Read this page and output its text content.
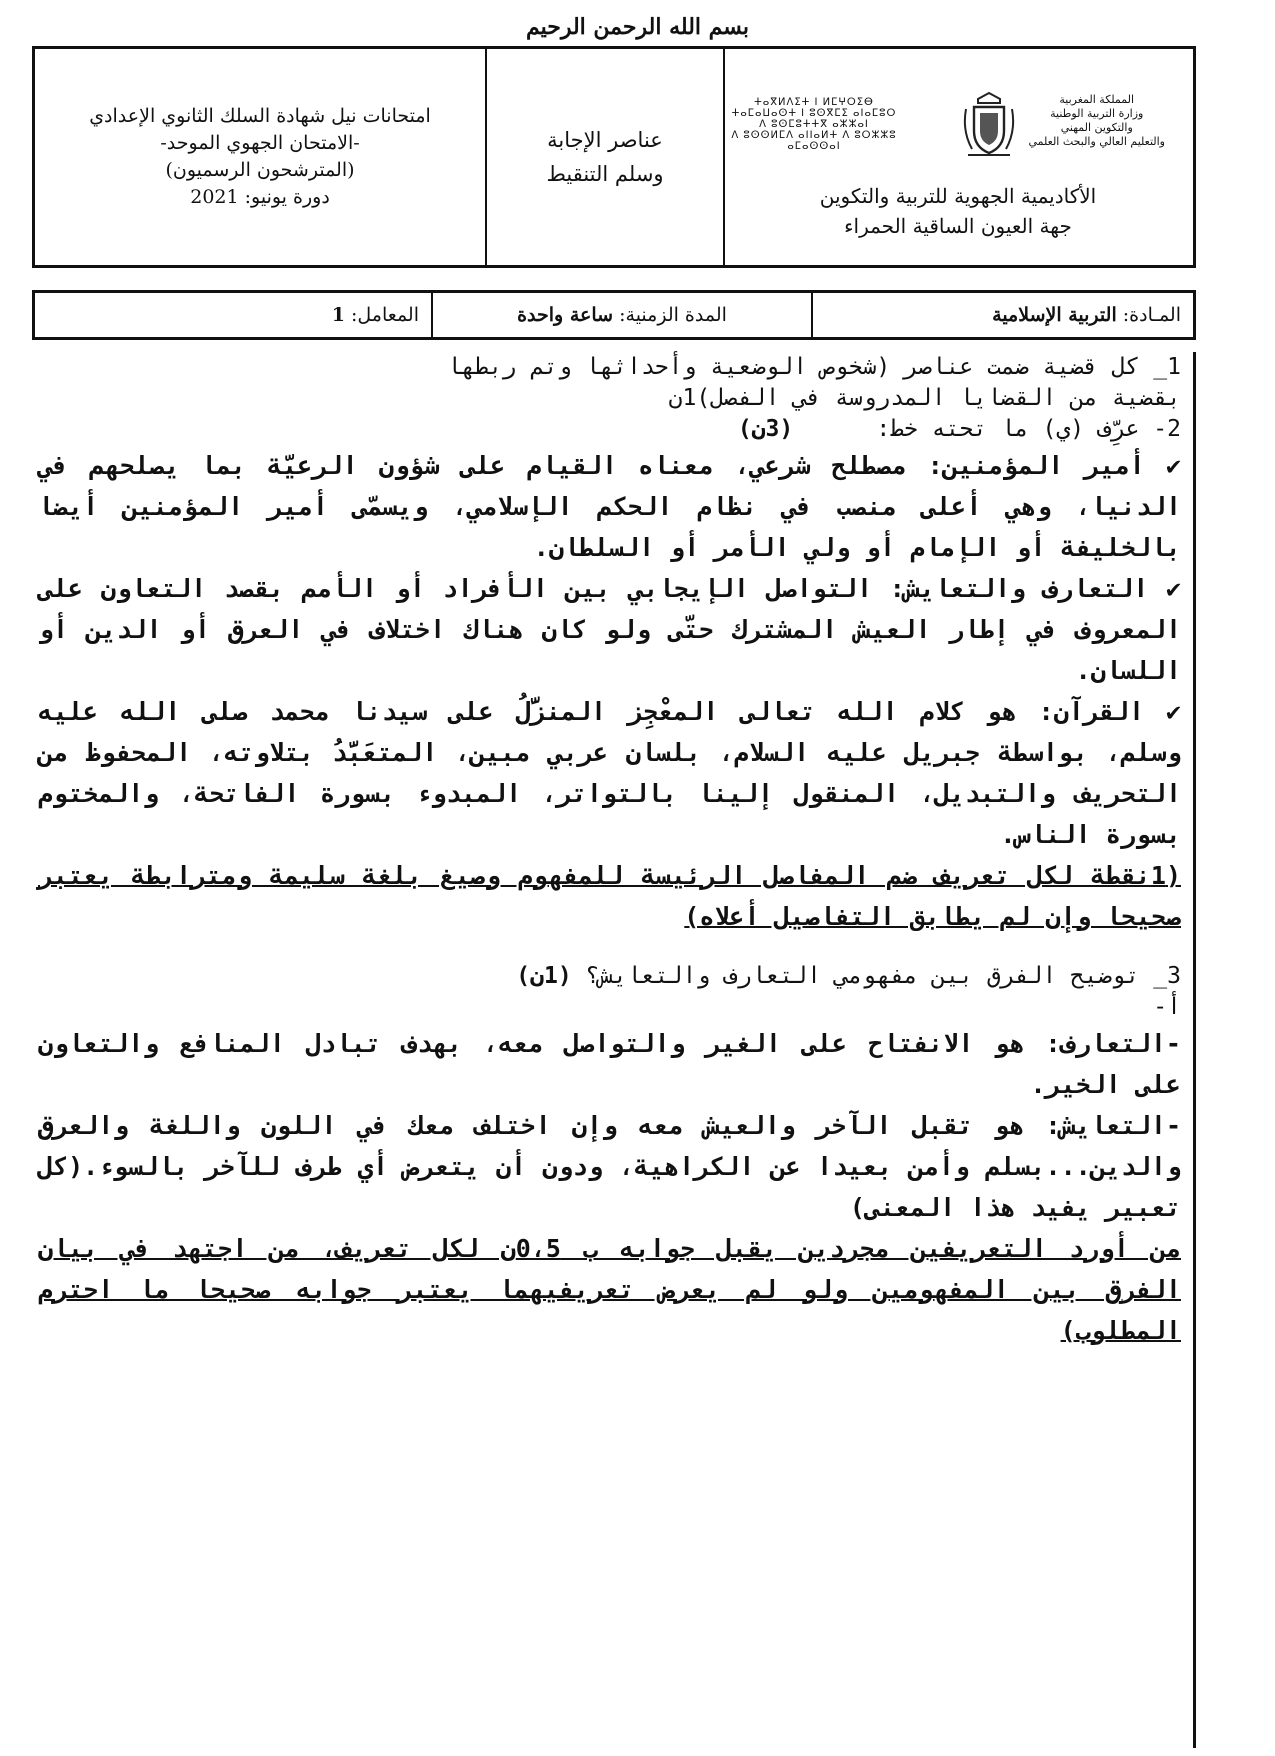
بسم الله الرحمن الرحيم
المملكة المغربية
وزارة التربية الوطنية
والتكوين المهني
والتعليم العالي والبحث العلمي
ⵜⴰⴳⵍⴷⵉⵜ ⵏ ⵍⵎⵖⵔⵉⴱ
ⵜⴰⵎⴰⵡⴰⵙⵜ ⵏ ⵓⵙⴳⵎⵉ ⴰⵏⴰⵎⵓⵔ
ⴷ ⵓⵙⵎⵓⵜⵜⴳ ⴰⵣⵣⴰⵏ
ⴷ ⵓⵙⵙⵍⵎⴷ ⴰⵏⵏⴰⵍⵜ ⴷ ⵓⵔⵣⵣⵓ ⴰⵎⴰⵙⵙⴰⵏ
الأكاديمية الجهوية للتربية والتكوين
جهة العيون الساقية الحمراء
عناصر الإجابة
وسلم التنقيط
امتحانات نيل شهادة السلك الثانوي الإعدادي
-الامتحان الجهوي الموحد-
(المترشحون الرسميون)
دورة يونيو: 2021
المـادة:

التربية الإسلامية
المدة الزمنية:

ساعة واحدة
المعامل:

1

1_ كل قضية ضمت عناصر (شخوص الوضعية وأحداثها وتم ربطها

بقضية من القضايا المدروسة في الفصل)1ن

2- عرِّف (ي) ما تحته خط:      (3ن)

✔ أمير المؤمنين: مصطلح شرعي، معناه القيام على شؤون الرعيّة بما يصلحهم في الدنيا، وهي أعلى منصب في نظام الحكم الإسلامي، ويسمّى أمير المؤمنين أيضا بالخليفة أو الإمام أو ولي الأمر أو السلطان.

✔ التعارف والتعايش: التواصل الإيجابي بين الأفراد أو الأمم بقصد التعاون على المعروف في إطار العيش المشترك حتّى ولو كان هناك اختلاف في العرق أو الدين أو اللسان.

✔ القرآن: هو كلام الله تعالى المعْجِز المنزَّلُ على سيدنا محمد صلى الله عليه وسلم، بواسطة جبريل عليه السلام، بلسان عربي مبين، المتعَبَّدُ بتلاوته، المحفوظ من التحريف والتبديل، المنقول إلينا بالتواتر، المبدوء بسورة الفاتحة، والمختوم بسورة الناس.

(1نقطة لكل تعريف ضم المفاصل الرئيسة للمفهوم وصيغ بلغة سليمة ومترابطة يعتبر صحيحا وإن لم يطابق التفاصيل أعلاه)

3_ توضيح الفرق بين مفهومي التعارف والتعايش؟ (1ن)

أ-

-التعارف: هو الانفتاح على الغير والتواصل معه، بهدف تبادل المنافع والتعاون على الخير.

-التعايش: هو تقبل الآخر والعيش معه وإن اختلف معك في اللون واللغة والعرق والدين...بسلم وأمن بعيدا عن الكراهية، ودون أن يتعرض أي طرف للآخر بالسوء.(كل تعبير يفيد هذا المعنى)

من أورد التعريفين مجردين يقبل جوابه ب 0،5ن لكل تعريف، من اجتهد في بيان الفرق بين المفهومين ولو لم يعرض تعريفيهما يعتبر جوابه صحيحا ما احترم المطلوب)
